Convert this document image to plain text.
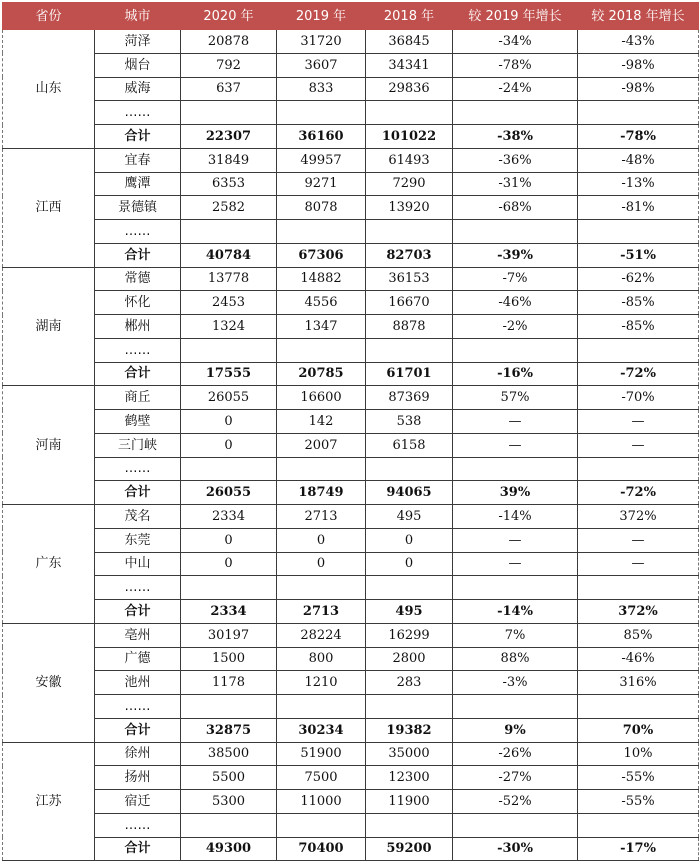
省份	城市	2020 年	2019 年	2018 年	较 2019 年增长	较 2018 年增长
山东	菏泽	20878	31720	36845	-34%	-43%
	烟台	792	3607	34341	-78%	-98%
	威海	637	833	29836	-24%	-98%
	……					
	合计	22307	36160	101022	-38%	-78%
江西	宜春	31849	49957	61493	-36%	-48%
	鹰潭	6353	9271	7290	-31%	-13%
	景德镇	2582	8078	13920	-68%	-81%
	……					
	合计	40784	67306	82703	-39%	-51%
湖南	常德	13778	14882	36153	-7%	-62%
	怀化	2453	4556	16670	-46%	-85%
	郴州	1324	1347	8878	-2%	-85%
	……					
	合计	17555	20785	61701	-16%	-72%
河南	商丘	26055	16600	87369	57%	-70%
	鹤壁	0	142	538	—	—
	三门峡	0	2007	6158	—	—
	……					
	合计	26055	18749	94065	39%	-72%
广东	茂名	2334	2713	495	-14%	372%
	东莞	0	0	0	—	—
	中山	0	0	0	—	—
	……					
	合计	2334	2713	495	-14%	372%
安徽	亳州	30197	28224	16299	7%	85%
	广德	1500	800	2800	88%	-46%
	池州	1178	1210	283	-3%	316%
	……					
	合计	32875	30234	19382	9%	70%
江苏	徐州	38500	51900	35000	-26%	10%
	扬州	5500	7500	12300	-27%	-55%
	宿迁	5300	11000	11900	-52%	-55%
	……					
	合计	49300	70400	59200	-30%	-17%
